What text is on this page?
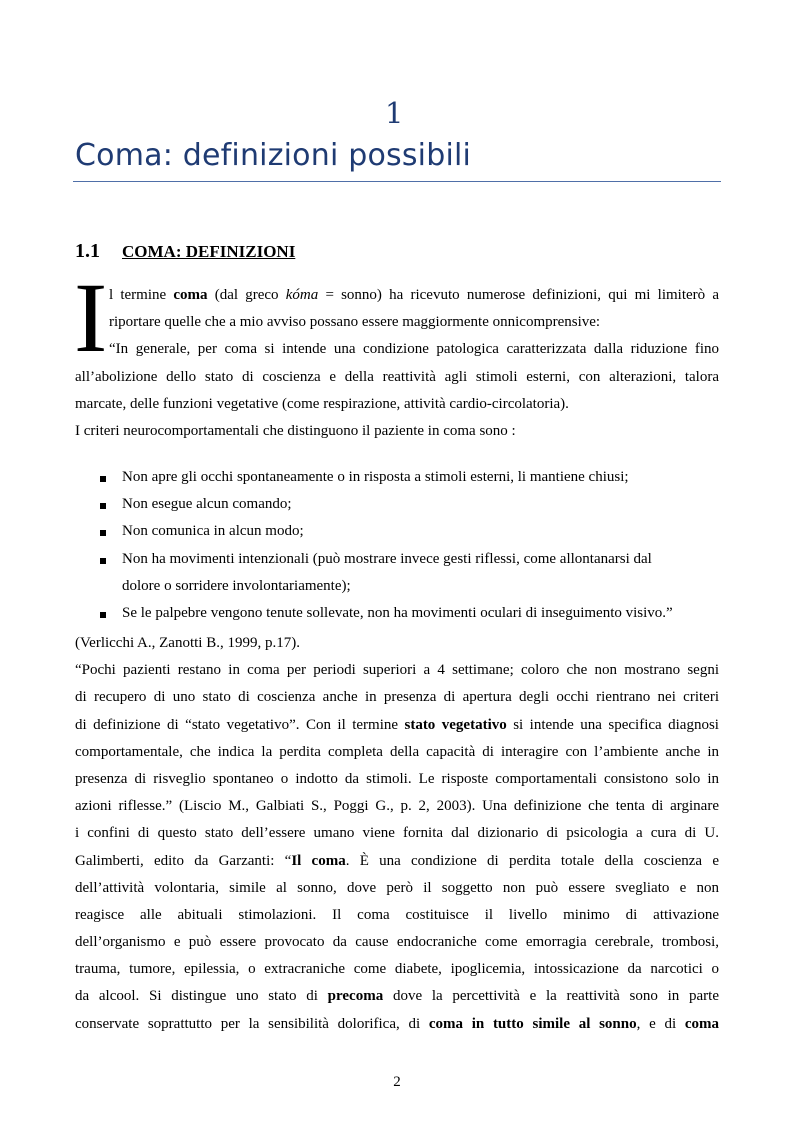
1
Coma: definizioni possibili
1.1 COMA: DEFINIZIONI
I l termine coma (dal greco kóma = sonno) ha ricevuto numerose definizioni, qui mi limiterò a
riportare quelle che a mio avviso possano essere maggiormente onnicomprensive:
“In generale, per coma si intende una condizione patologica caratterizzata dalla riduzione fino
all’abolizione dello stato di coscienza e della reattività agli stimoli esterni, con alterazioni, talora
marcate, delle funzioni vegetative (come respirazione, attività cardio-circolatoria).
I criteri neurocomportamentali che distinguono il paziente in coma sono :
Non apre gli occhi spontaneamente o in risposta a stimoli esterni, li mantiene chiusi;
Non esegue alcun comando;
Non comunica in alcun modo;
Non ha movimenti intenzionali (può mostrare invece gesti riflessi, come allontanarsi dal
dolore o sorridere involontariamente);
Se le palpebre vengono tenute sollevate, non ha movimenti oculari di inseguimento visivo.”
(Verlicchi A., Zanotti B., 1999, p.17).
“Pochi pazienti restano in coma per periodi superiori a 4 settimane; coloro che non mostrano segni
di recupero di uno stato di coscienza anche in presenza di apertura degli occhi rientrano nei criteri
di definizione di “stato vegetativo”. Con il termine stato vegetativo si intende una specifica diagnosi
comportamentale, che indica la perdita completa della capacità di interagire con l’ambiente anche in
presenza di risveglio spontaneo o indotto da stimoli. Le risposte comportamentali consistono solo in
azioni riflesse.” (Liscio M., Galbiati S., Poggi G., p. 2, 2003). Una definizione che tenta di arginare
i confini di questo stato dell’essere umano viene fornita dal dizionario di psicologia a cura di U.
Galimberti, edito da Garzanti: “Il coma. È una condizione di perdita totale della coscienza e
dell’attività volontaria, simile al sonno, dove però il soggetto non può essere svegliato e non
reagisce alle abituali stimolazioni. Il coma costituisce il livello minimo di attivazione
dell’organismo e può essere provocato da cause endocraniche come emorragia cerebrale, trombosi,
trauma, tumore, epilessia, o extracraniche come diabete, ipoglicemia, intossicazione da narcotici o
da alcool. Si distingue uno stato di precoma dove la percettività e la reattività sono in parte
conservate soprattutto per la sensibilità dolorifica, di coma in tutto simile al sonno, e di coma
2
